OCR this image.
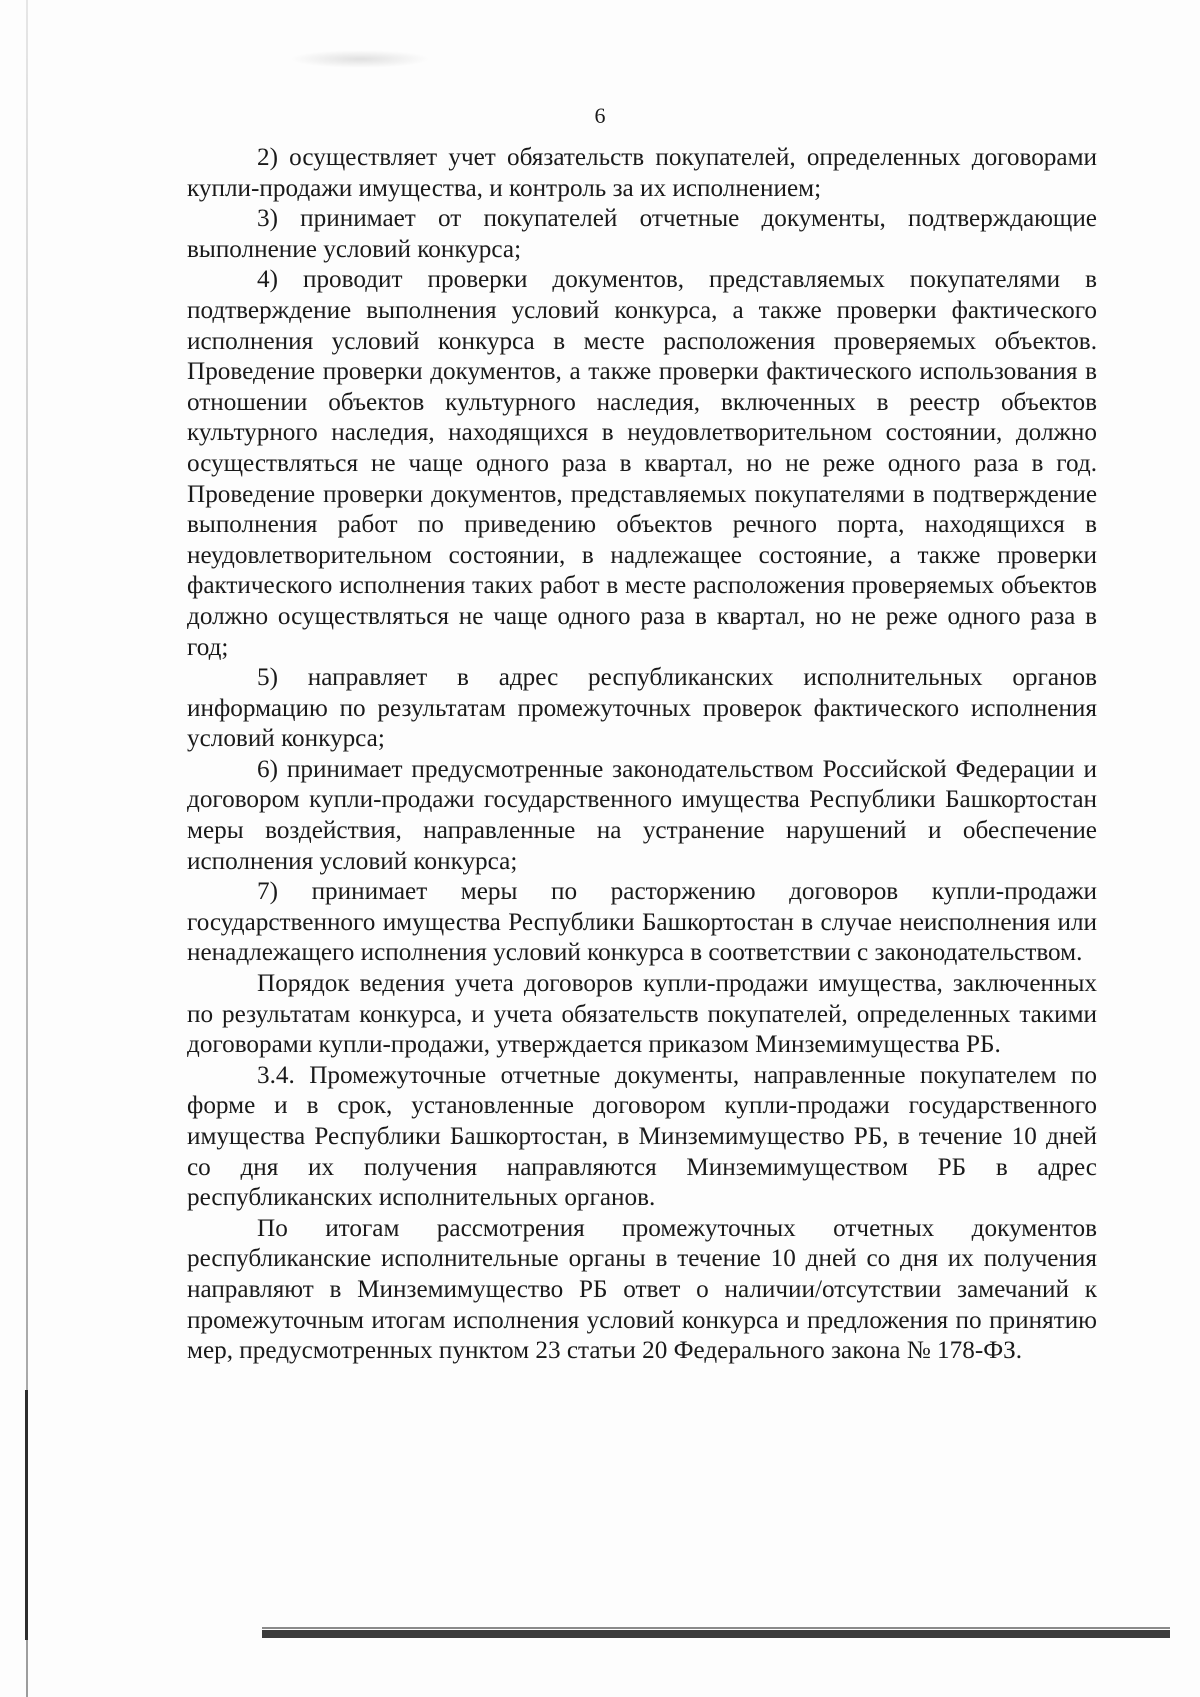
6

2) осуществляет учет обязательств покупателей, определенных договорами купли-продажи имущества, и контроль за их исполнением;

3) принимает от покупателей отчетные документы, подтверждающие выполнение условий конкурса;

4) проводит проверки документов, представляемых покупателями в подтверждение выполнения условий конкурса, а также проверки фактического исполнения условий конкурса в месте расположения проверяемых объектов. Проведение проверки документов, а также проверки фактического использования в отношении объектов культурного наследия, включенных в реестр объектов культурного наследия, находящихся в неудовлетворительном состоянии, должно осуществляться не чаще одного раза в квартал, но не реже одного раза в год. Проведение проверки документов, представляемых покупателями в подтверждение выполнения работ по приведению объектов речного порта, находящихся в неудовлетворительном состоянии, в надлежащее состояние, а также проверки фактического исполнения таких работ в месте расположения проверяемых объектов должно осуществляться не чаще одного раза в квартал, но не реже одного раза в год;

5) направляет в адрес республиканских исполнительных органов информацию по результатам промежуточных проверок фактического исполнения условий конкурса;

6) принимает предусмотренные законодательством Российской Федерации и договором купли-продажи государственного имущества Республики Башкортостан меры воздействия, направленные на устранение нарушений и обеспечение исполнения условий конкурса;

7) принимает меры по расторжению договоров купли-продажи государственного имущества Республики Башкортостан в случае неисполнения или ненадлежащего исполнения условий конкурса в соответствии с законодательством.

Порядок ведения учета договоров купли-продажи имущества, заключенных по результатам конкурса, и учета обязательств покупателей, определенных такими договорами купли-продажи, утверждается приказом Минземимущества РБ.

3.4. Промежуточные отчетные документы, направленные покупателем по форме и в срок, установленные договором купли-продажи государственного имущества Республики Башкортостан, в Минземимущество РБ, в течение 10 дней со дня их получения направляются Минземимуществом РБ в адрес республиканских исполнительных органов.

По итогам рассмотрения промежуточных отчетных документов республиканские исполнительные органы в течение 10 дней со дня их получения направляют в Минземимущество РБ ответ о наличии/отсутствии замечаний к промежуточным итогам исполнения условий конкурса и предложения по принятию мер, предусмотренных пунктом 23 статьи 20 Федерального закона № 178-ФЗ.
